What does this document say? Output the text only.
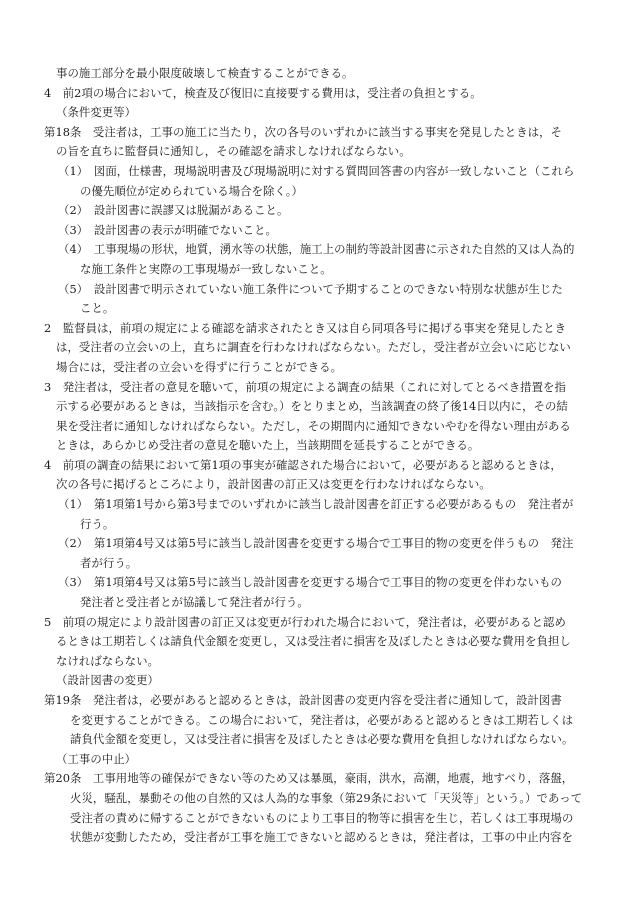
事の施工部分を最小限度破壊して検査することができる。
4　前2項の場合において，検査及び復旧に直接要する費用は，受注者の負担とする。
（条件変更等）
第18条　受注者は，工事の施工に当たり，次の各号のいずれかに該当する事実を発見したときは，そ
の旨を直ちに監督員に通知し，その確認を請求しなければならない。
（1）　図面，仕様書，現場説明書及び現場説明に対する質問回答書の内容が一致しないこと（これら
の優先順位が定められている場合を除く。）
（2）　設計図書に誤謬又は脱漏があること。
（3）　設計図書の表示が明確でないこと。
（4）　工事現場の形状，地質，湧水等の状態，施工上の制約等設計図書に示された自然的又は人為的
な施工条件と実際の工事現場が一致しないこと。
（5）　設計図書で明示されていない施工条件について予期することのできない特別な状態が生じた
こと。
2　監督員は，前項の規定による確認を請求されたとき又は自ら同項各号に掲げる事実を発見したとき
は，受注者の立会いの上，直ちに調査を行わなければならない。ただし，受注者が立会いに応じない
場合には，受注者の立会いを得ずに行うことができる。
3　発注者は，受注者の意見を聴いて，前項の規定による調査の結果（これに対してとるべき措置を指
示する必要があるときは，当該指示を含む。）をとりまとめ，当該調査の終了後14日以内に，その結
果を受注者に通知しなければならない。ただし，その期間内に通知できないやむを得ない理由がある
ときは，あらかじめ受注者の意見を聴いた上，当該期間を延長することができる。
4　前項の調査の結果において第1項の事実が確認された場合において，必要があると認めるときは，
次の各号に掲げるところにより，設計図書の訂正又は変更を行わなければならない。
（1）　第1項第1号から第3号までのいずれかに該当し設計図書を訂正する必要があるもの　発注者が
行う。
（2）　第1項第4号又は第5号に該当し設計図書を変更する場合で工事目的物の変更を伴うもの　発注
者が行う。
（3）　第1項第4号又は第5号に該当し設計図書を変更する場合で工事目的物の変更を伴わないもの
発注者と受注者とが協議して発注者が行う。
5　前項の規定により設計図書の訂正又は変更が行われた場合において，発注者は，必要があると認め
るときは工期若しくは請負代金額を変更し，又は受注者に損害を及ぼしたときは必要な費用を負担し
なければならない。
（設計図書の変更）
第19条　発注者は，必要があると認めるときは，設計図書の変更内容を受注者に通知して，設計図書
を変更することができる。この場合において，発注者は，必要があると認めるときは工期若しくは
請負代金額を変更し，又は受注者に損害を及ぼしたときは必要な費用を負担しなければならない。
（工事の中止）
第20条　工事用地等の確保ができない等のため又は暴風，豪雨，洪水，高潮，地震，地すべり，落盤，
火災，騒乱，暴動その他の自然的又は人為的な事象（第29条において「天災等」という。）であって
受注者の責めに帰することができないものにより工事目的物等に損害を生じ，若しくは工事現場の
状態が変動したため，受注者が工事を施工できないと認めるときは，発注者は，工事の中止内容を
